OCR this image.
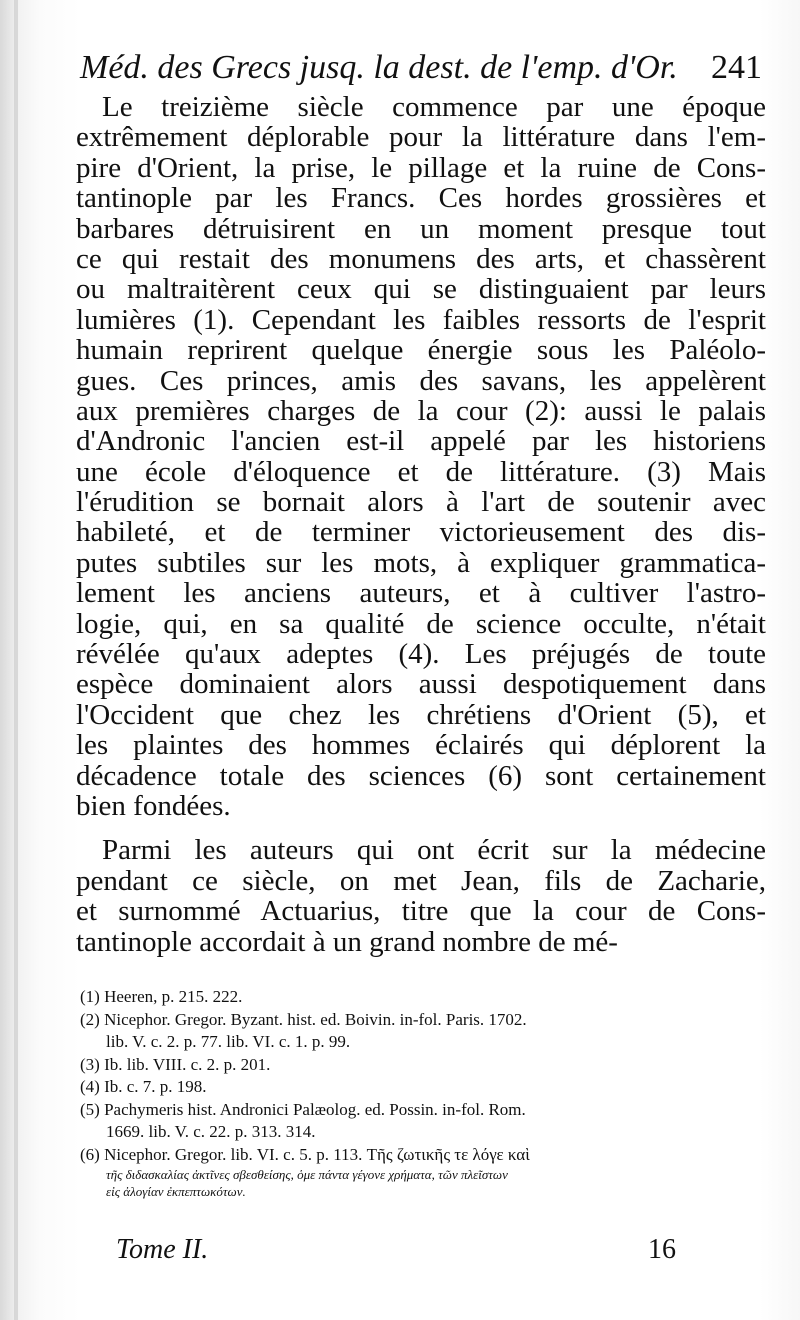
Méd. des Grecs jusq. la dest. de l'emp. d'Or. 241
Le treizième siècle commence par une époque
extrêmement déplorable pour la littérature dans l'em-
pire d'Orient, la prise, le pillage et la ruine de Cons-
tantinople par les Francs. Ces hordes grossières et
barbares détruisirent en un moment presque tout
ce qui restait des monumens des arts, et chassèrent
ou maltraitèrent ceux qui se distinguaient par leurs
lumières (1). Cependant les faibles ressorts de l'esprit
humain reprirent quelque énergie sous les Paléolo-
gues. Ces princes, amis des savans, les appelèrent
aux premières charges de la cour (2): aussi le palais
d'Andronic l'ancien est-il appelé par les historiens
une école d'éloquence et de littérature. (3) Mais
l'érudition se bornait alors à l'art de soutenir avec
habileté, et de terminer victorieusement des dis-
putes subtiles sur les mots, à expliquer grammatica-
lement les anciens auteurs, et à cultiver l'astro-
logie, qui, en sa qualité de science occulte, n'était
révélée qu'aux adeptes (4). Les préjugés de toute
espèce dominaient alors aussi despotiquement dans
l'Occident que chez les chrétiens d'Orient (5), et
les plaintes des hommes éclairés qui déplorent la
décadence totale des sciences (6) sont certainement
bien fondées.
Parmi les auteurs qui ont écrit sur la médecine
pendant ce siècle, on met Jean, fils de Zacharie,
et surnommé Actuarius, titre que la cour de Cons-
tantinople accordait à un grand nombre de mé-
(1) Heeren, p. 215. 222.
(2) Nicephor. Gregor. Byzant. hist. ed. Boivin. in-fol. Paris. 1702.
lib. V. c. 2. p. 77. lib. VI. c. 1. p. 99.
(3) Ib. lib. VIII. c. 2. p. 201.
(4) Ib. c. 7. p. 198.
(5) Pachymeris hist. Andronici Palæolog. ed. Possin. in-fol. Rom.
1669. lib. V. c. 22. p. 313. 314.
(6) Nicephor. Gregor. lib. VI. c. 5. p. 113. Τῆς ζωτικῆς τε λόγε καὶ
τῆς διδασκαλίας ἀκτῖνες σβεσθείσης, ὁμε πάντα γέγονε χρήματα, τῶν πλεῖστων
εἰς ἀλογίαν ἐκπεπτωκότων.
Tome II.	16
